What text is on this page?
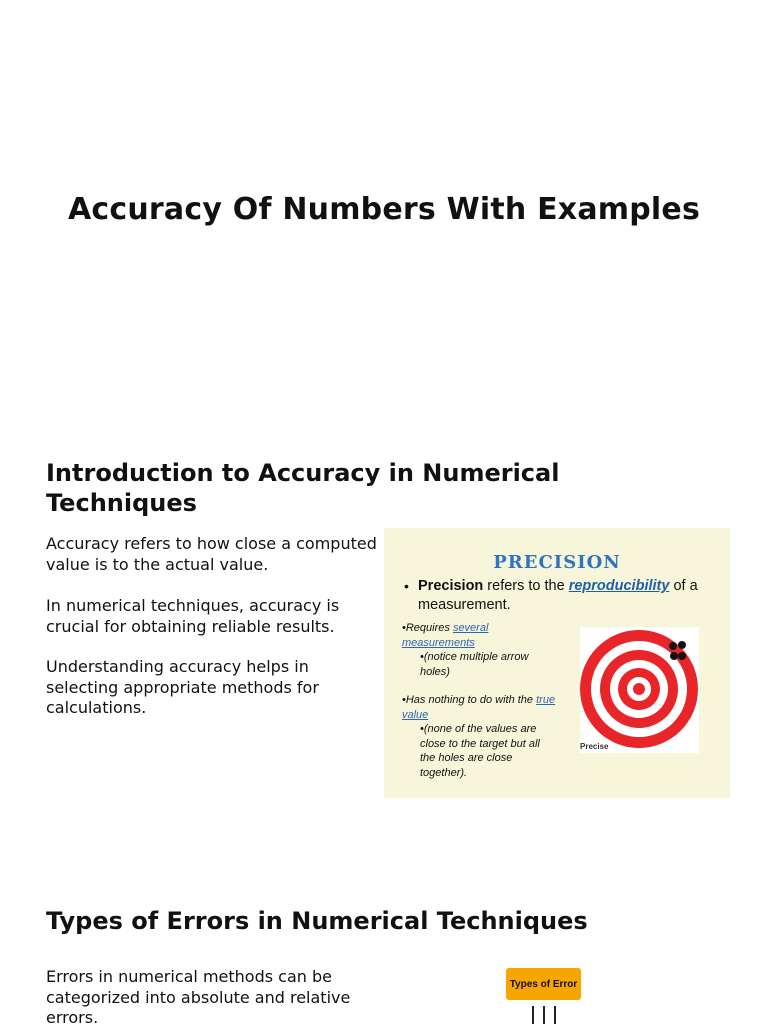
Accuracy Of Numbers With Examples
Introduction to Accuracy in Numerical Techniques

Accuracy refers to how close a computed value is to the actual value.

In numerical techniques, accuracy is crucial for obtaining reliable results.

Understanding accuracy helps in selecting appropriate methods for calculations.

PRECISION
• Precision refers to the reproducibility of a measurement.
•Requires several measurements
•(notice multiple arrow holes)
•Has nothing to do with the true value
•(none of the values are close to the target but all the holes are close together).
Precise
Types of Errors in Numerical Techniques

Errors in numerical methods can be categorized into absolute and relative errors.

Types of Error
